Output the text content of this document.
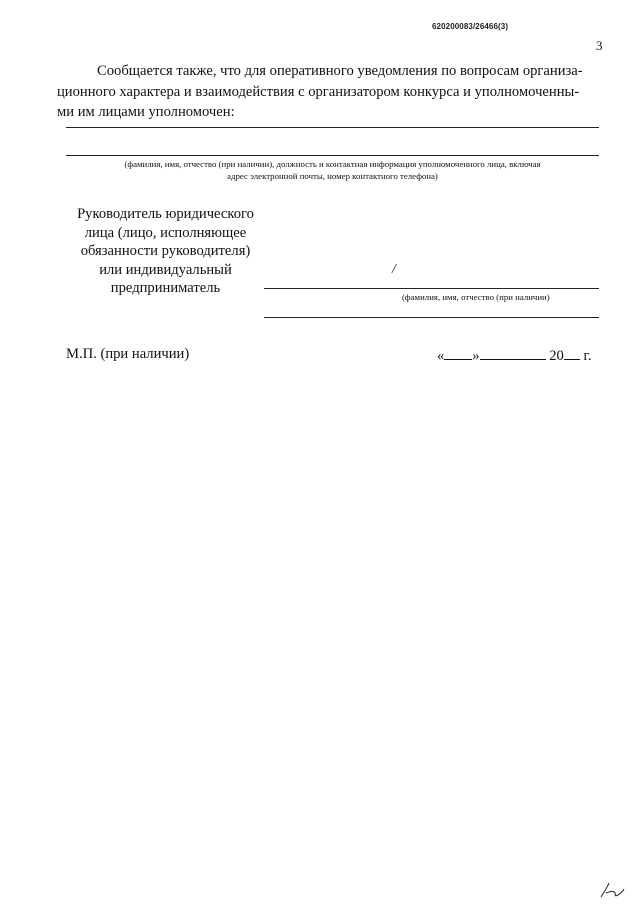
620200083/26466(3)
3
Сообщается также, что для оперативного уведомления по вопросам организа-
ционного характера и взаимодействия с организатором конкурса и уполномоченны-
ми им лицами уполномочен:
(фамилия, имя, отчество (при наличии), должность и контактная информация уполномоченного лица, включая
адрес электронной почты, номер контактного телефона)
Руководитель юридического
лица (лицо, исполняющее
обязанности руководителя)
или индивидуальный
предприниматель
/
(фамилия, имя, отчество (при наличии)
М.П. (при наличии)	« »	20 г.
